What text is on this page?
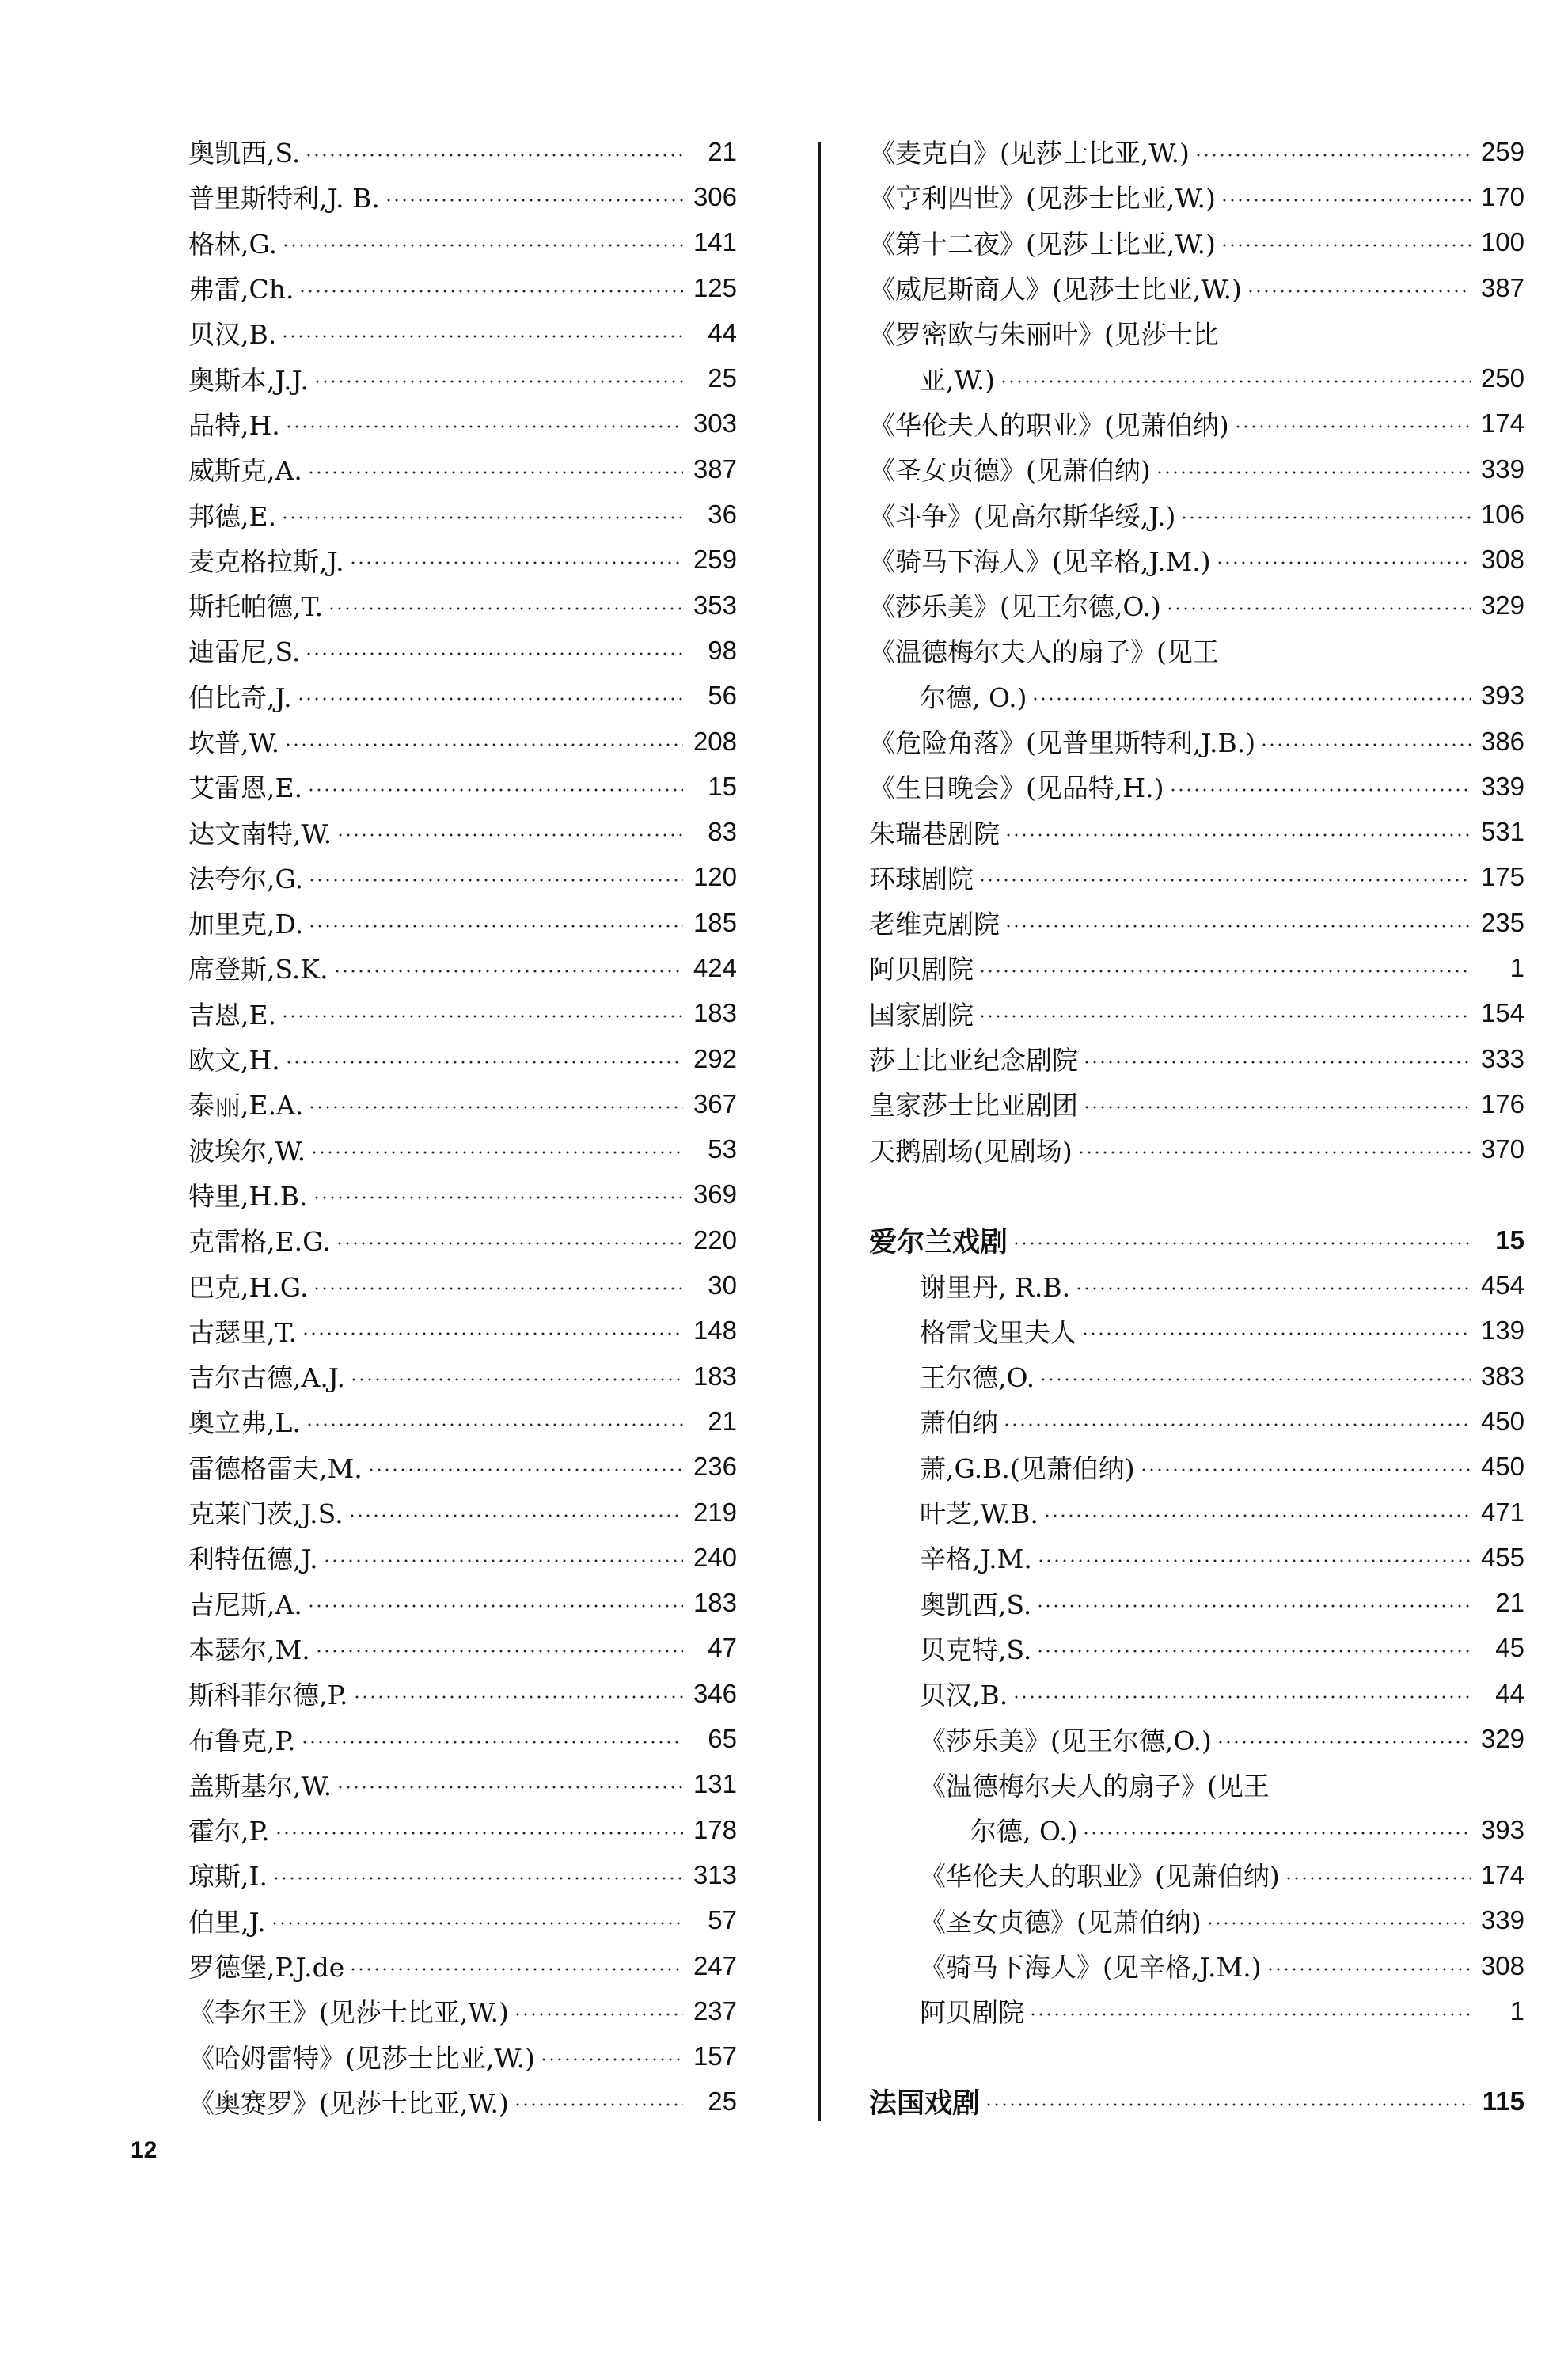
奥凯西,S.	21
普里斯特利,J. B.	306
格林,G.	141
弗雷,Ch.	125
贝汉,B.	44
奥斯本,J.J.	25
品特,H.	303
威斯克,A.	387
邦德,E.	36
麦克格拉斯,J.	259
斯托帕德,T.	353
迪雷尼,S.	98
伯比奇,J.	56
坎普,W.	208
艾雷恩,E.	15
达文南特,W.	83
法夸尔,G.	120
加里克,D.	185
席登斯,S.K.	424
吉恩,E.	183
欧文,H.	292
泰丽,E.A.	367
波埃尔,W.	53
特里,H.B.	369
克雷格,E.G.	220
巴克,H.G.	30
古瑟里,T.	148
吉尔古德,A.J.	183
奥立弗,L.	21
雷德格雷夫,M.	236
克莱门茨,J.S.	219
利特伍德,J.	240
吉尼斯,A.	183
本瑟尔,M.	47
斯科菲尔德,P.	346
布鲁克,P.	65
盖斯基尔,W.	131
霍尔,P.	178
琼斯,I.	313
伯里,J.	57
罗德堡,P.J.de	247
《李尔王》(见莎士比亚,W.)	237
《哈姆雷特》(见莎士比亚,W.)	157
《奥赛罗》(见莎士比亚,W.)	25
《麦克白》(见莎士比亚,W.)	259
《亨利四世》(见莎士比亚,W.)	170
《第十二夜》(见莎士比亚,W.)	100
《威尼斯商人》(见莎士比亚,W.)	387
《罗密欧与朱丽叶》(见莎士比
亚,W.)	250
《华伦夫人的职业》(见萧伯纳)	174
《圣女贞德》(见萧伯纳)	339
《斗争》(见高尔斯华绥,J.)	106
《骑马下海人》(见辛格,J.M.)	308
《莎乐美》(见王尔德,O.)	329
《温德梅尔夫人的扇子》(见王
尔德, O.)	393
《危险角落》(见普里斯特利,J.B.)	386
《生日晚会》(见品特,H.)	339
朱瑞巷剧院	531
环球剧院	175
老维克剧院	235
阿贝剧院	1
国家剧院	154
莎士比亚纪念剧院	333
皇家莎士比亚剧团	176
天鹅剧场(见剧场)	370
爱尔兰戏剧	15
谢里丹, R.B.	454
格雷戈里夫人	139
王尔德,O.	383
萧伯纳	450
萧,G.B.(见萧伯纳)	450
叶芝,W.B.	471
辛格,J.M.	455
奥凯西,S.	21
贝克特,S.	45
贝汉,B.	44
《莎乐美》(见王尔德,O.)	329
《温德梅尔夫人的扇子》(见王
尔德, O.)	393
《华伦夫人的职业》(见萧伯纳)	174
《圣女贞德》(见萧伯纳)	339
《骑马下海人》(见辛格,J.M.)	308
阿贝剧院	1
法国戏剧	115
12
